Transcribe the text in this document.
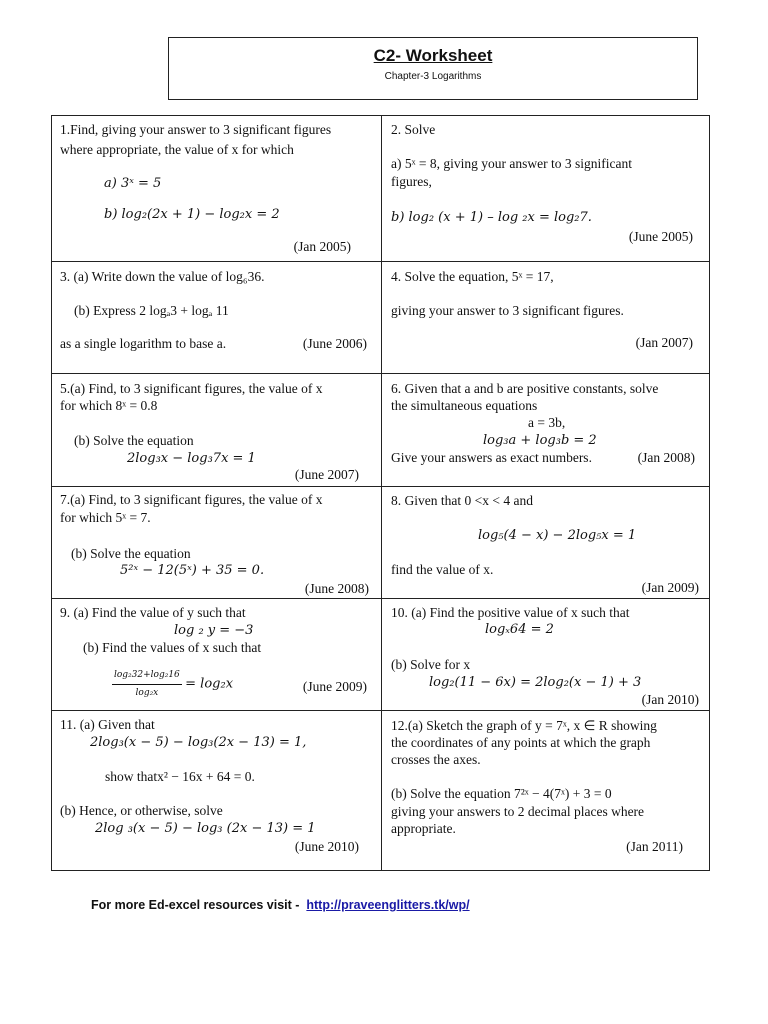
C2- Worksheet
Chapter-3 Logarithms
1.Find, giving your answer to 3 significant figures
where appropriate, the value of x for which
a) 3ˣ = 5
b) log₂(2x + 1) − log₂x = 2
(Jan 2005)
2. Solve
a) 5ˣ = 8, giving your answer to 3 significant
figures,
b) log₂ (x + 1) – log ₂x = log₂7.
(June 2005)
3. (a) Write down the value of log₆36.
(b) Express 2 logₐ3 + logₐ 11
as a single logarithm to base a.	(June 2006)
4. Solve the equation, 5ˣ = 17,
giving your answer to 3 significant figures.
(Jan 2007)
5.(a) Find, to 3 significant figures, the value of x
for which 8ˣ = 0.8
(b) Solve the equation
2log₃x − log₃7x = 1
(June 2007)
6. Given that a and b are positive constants, solve
the simultaneous equations
a = 3b,
log₃a + log₃b = 2
Give your answers as exact numbers.	(Jan 2008)
7.(a) Find, to 3 significant figures, the value of x
for which 5ˣ = 7.
(b) Solve the equation
5²ˣ − 12(5ˣ) + 35 = 0.
(June 2008)
8. Given that 0 <x < 4 and
log₅(4 − x) − 2log₅x = 1
find the value of x.
(Jan 2009)
9. (a) Find the value of y such that
log ₂ y = −3
(b) Find the values of x such that
$\frac{\text{log₂32+log₂16}}{\text{log₂x}} = \log_2x$	(June 2009)
10. (a) Find the positive value of x such that
logₓ64 = 2
(b) Solve for x
log₂(11 − 6x) = 2log₂(x − 1) + 3
(Jan 2010)
11. (a) Given that
2log₃(x − 5) − log₃(2x − 13) = 1,
show thatx² − 16x + 64 = 0.
(b) Hence, or otherwise, solve
2log ₃(x − 5) − log₃ (2x − 13) = 1
(June 2010)
12.(a) Sketch the graph of y = 7ˣ, x ∈ R showing
the coordinates of any points at which the graph
crosses the axes.
(b) Solve the equation 7²ˣ − 4(7ˣ) + 3 = 0
giving your answers to 2 decimal places where
appropriate.
(Jan 2011)
For more Ed-excel resources visit - http://praveenglitters.tk/wp/
